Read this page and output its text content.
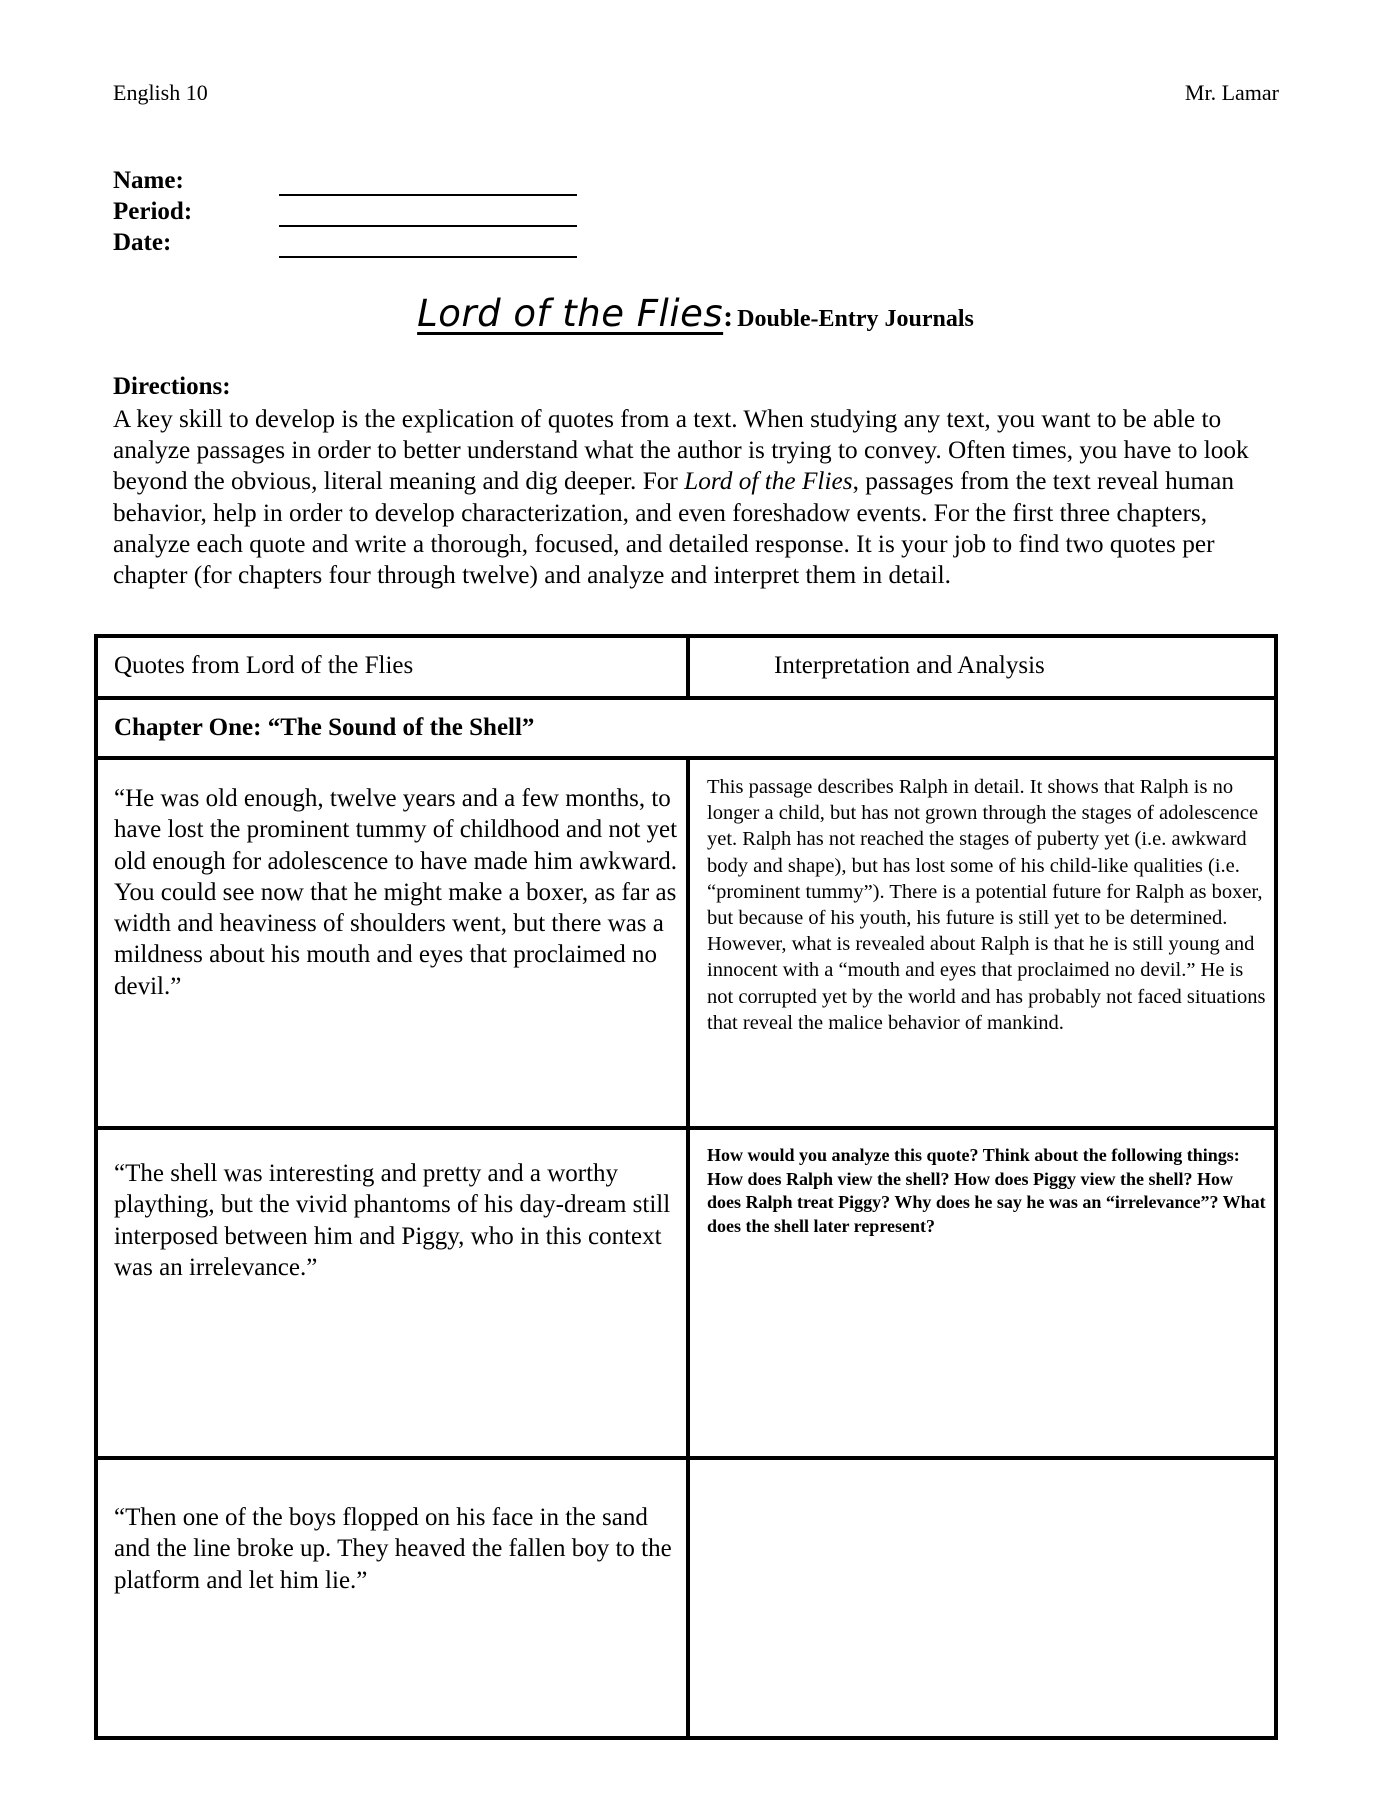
English 10	Mr. Lamar
Name:
Period:
Date:
Lord of the Flies: Double-Entry Journals
Directions:
A key skill to develop is the explication of quotes from a text. When studying any text, you want to be able to analyze passages in order to better understand what the author is trying to convey. Often times, you have to look beyond the obvious, literal meaning and dig deeper. For Lord of the Flies, passages from the text reveal human behavior, help in order to develop characterization, and even foreshadow events. For the first three chapters, analyze each quote and write a thorough, focused, and detailed response. It is your job to find two quotes per chapter (for chapters four through twelve) and analyze and interpret them in detail.
Quotes from Lord of the Flies	Interpretation and Analysis
Chapter One: “The Sound of the Shell”
“He was old enough, twelve years and a few months, to have lost the prominent tummy of childhood and not yet old enough for adolescence to have made him awkward. You could see now that he might make a boxer, as far as width and heaviness of shoulders went, but there was a mildness about his mouth and eyes that proclaimed no devil.”
This passage describes Ralph in detail. It shows that Ralph is no longer a child, but has not grown through the stages of adolescence yet. Ralph has not reached the stages of puberty yet (i.e. awkward body and shape), but has lost some of his child-like qualities (i.e. “prominent tummy”). There is a potential future for Ralph as boxer, but because of his youth, his future is still yet to be determined. However, what is revealed about Ralph is that he is still young and innocent with a “mouth and eyes that proclaimed no devil.” He is not corrupted yet by the world and has probably not faced situations that reveal the malice behavior of mankind.
“The shell was interesting and pretty and a worthy plaything, but the vivid phantoms of his day-dream still interposed between him and Piggy, who in this context was an irrelevance.”
How would you analyze this quote? Think about the following things: How does Ralph view the shell? How does Piggy view the shell? How does Ralph treat Piggy? Why does he say he was an “irrelevance”? What does the shell later represent?
“Then one of the boys flopped on his face in the sand and the line broke up. They heaved the fallen boy to the platform and let him lie.”
